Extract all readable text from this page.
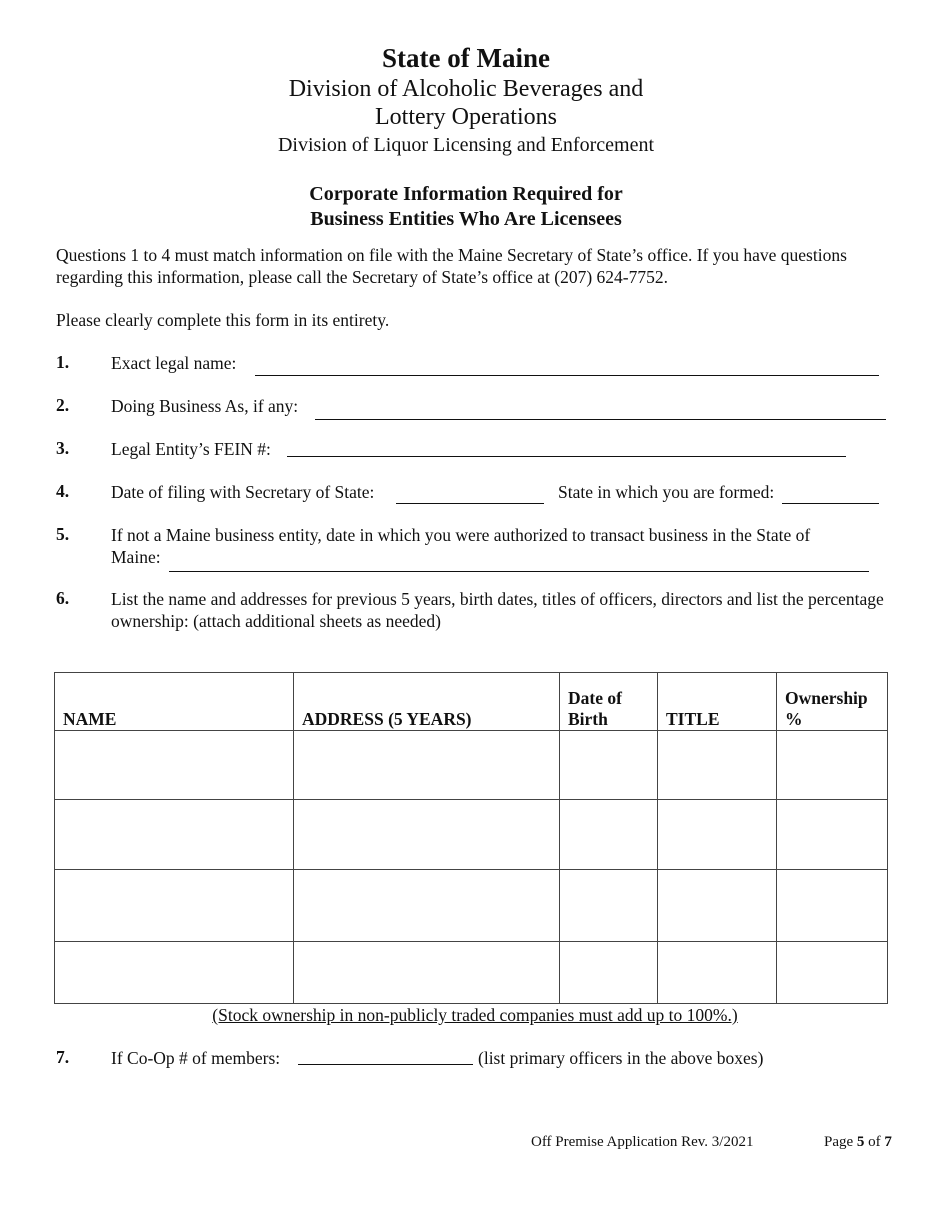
State of Maine
Division of Alcoholic Beverages and
Lottery Operations
Division of Liquor Licensing and Enforcement
Corporate Information Required for
Business Entities Who Are Licensees
Questions 1 to 4 must match information on file with the Maine Secretary of State’s office. If you have questions regarding this information, please call the Secretary of State’s office at (207) 624-7752.
Please clearly complete this form in its entirety.
1. Exact legal name:
2. Doing Business As, if any:
3. Legal Entity’s FEIN #:
4. Date of filing with Secretary of State:	State in which you are formed:
5. If not a Maine business entity, date in which you were authorized to transact business in the State of
Maine:
6. List the name and addresses for previous 5 years, birth dates, titles of officers, directors and list the percentage ownership: (attach additional sheets as needed)
NAME	ADDRESS (5 YEARS)	Date of Birth	TITLE	Ownership %

(Stock ownership in non-publicly traded companies must add up to 100%.)
7. If Co-Op # of members:	(list primary officers in the above boxes)
Off Premise Application Rev. 3/2021	Page 5 of 7
